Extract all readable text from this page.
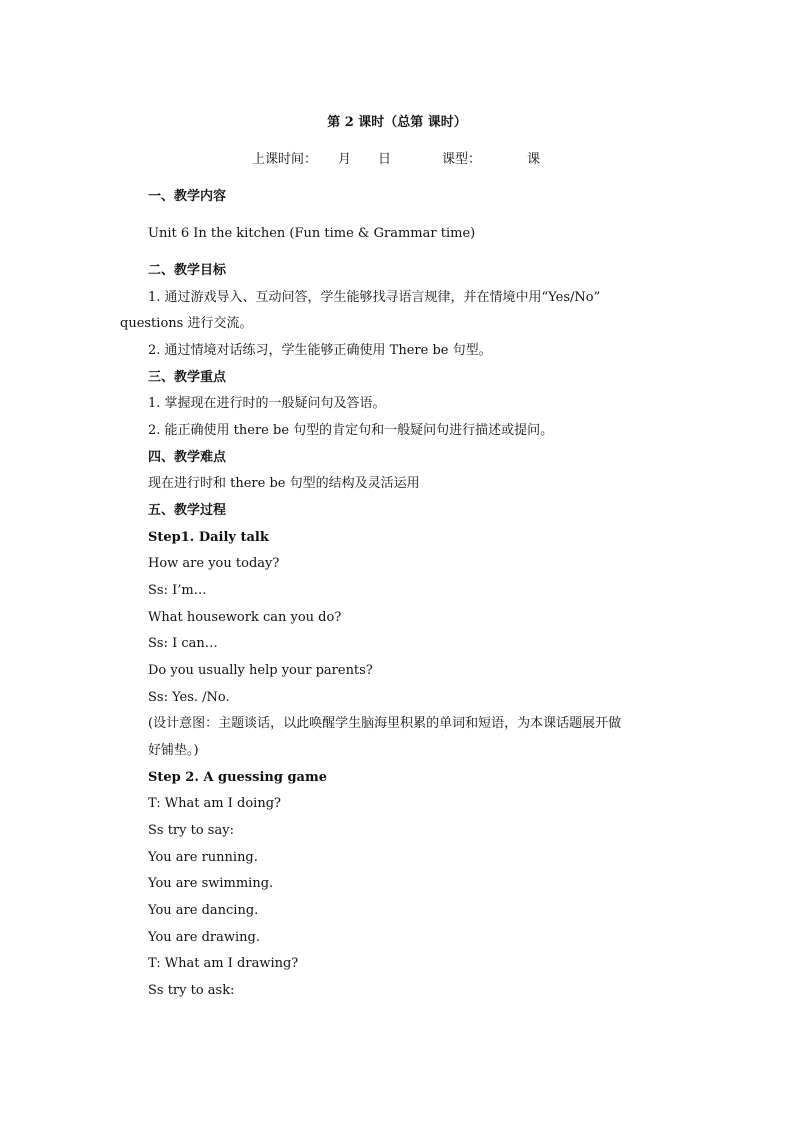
第 2 课时（总第 课时）
上课时间： 月 日	课型：	课
一、教学内容
Unit 6 In the kitchen (Fun time & Grammar time)
二、教学目标
1. 通过游戏导入、互动问答，学生能够找寻语言规律，并在情境中用“Yes/No”
questions 进行交流。
2. 通过情境对话练习，学生能够正确使用 There be 句型。
三、教学重点
1. 掌握现在进行时的一般疑问句及答语。
2. 能正确使用 there be 句型的肯定句和一般疑问句进行描述或提问。
四、教学难点
现在进行时和 there be 句型的结构及灵活运用
五、教学过程
Step1. Daily talk
How are you today?
Ss: I’m…
What housework can you do?
Ss: I can…
Do you usually help your parents?
Ss: Yes. /No.
(设计意图：主题谈话，以此唤醒学生脑海里积累的单词和短语，为本课话题展开做
好铺垫。)
Step 2. A guessing game
T: What am I doing?
Ss try to say:
You are running.
You are swimming.
You are dancing.
You are drawing.
T: What am I drawing?
Ss try to ask:
